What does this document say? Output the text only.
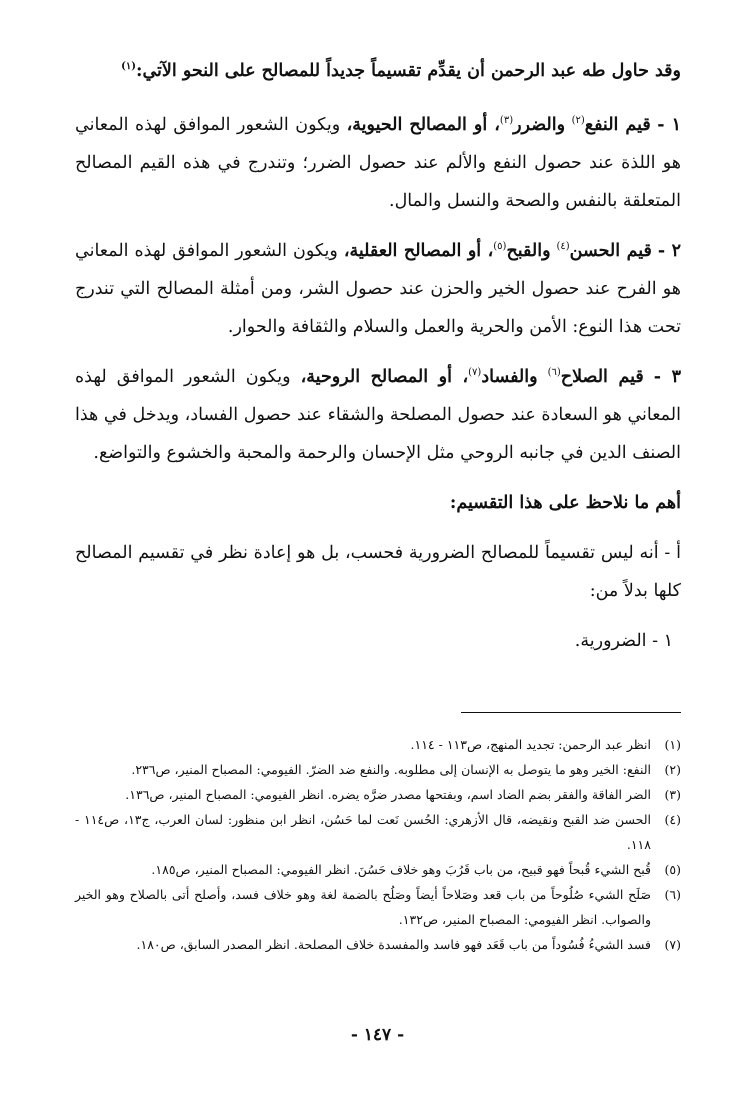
وقد حاول طه عبد الرحمن أن يقدِّم تقسيماً جديداً للمصالح على النحو الآتي:$^{(١)}$

١ - قيم النفع$^{(٢)}$ والضرر$^{(٣)}$، أو المصالح الحيوية، ويكون الشعور الموافق لهذه المعاني هو اللذة عند حصول النفع والألم عند حصول الضرر؛ وتندرج في هذه القيم المصالح المتعلقة بالنفس والصحة والنسل والمال.

٢ - قيم الحسن$^{(٤)}$ والقبح$^{(٥)}$، أو المصالح العقلية، ويكون الشعور الموافق لهذه المعاني هو الفرح عند حصول الخير والحزن عند حصول الشر، ومن أمثلة المصالح التي تندرج تحت هذا النوع: الأمن والحرية والعمل والسلام والثقافة والحوار.

٣ - قيم الصلاح$^{(٦)}$ والفساد$^{(٧)}$، أو المصالح الروحية، ويكون الشعور الموافق لهذه المعاني هو السعادة عند حصول المصلحة والشقاء عند حصول الفساد، ويدخل في هذا الصنف الدين في جانبه الروحي مثل الإحسان والرحمة والمحبة والخشوع والتواضع.

أهم ما نلاحظ على هذا التقسيم:

أ - أنه ليس تقسيماً للمصالح الضرورية فحسب، بل هو إعادة نظر في تقسيم المصالح كلها بدلاً من:

١ - الضرورية.

(١)
انظر عبد الرحمن: تجديد المنهج، ص١١٣ - ١١٤.
(٢)
النفع: الخير وهو ما يتوصل به الإنسان إلى مطلوبه. والنفع ضد الضرّ. الفيومي: المصباح المنير، ص٢٣٦.
(٣)
الضر الفاقة والفقر بضم الضاد اسم، وبفتحها مصدر ضرَّه يضره. انظر الفيومي: المصباح المنير، ص١٣٦.
(٤)
الحسن ضد القبح ونقيضه، قال الأزهري: الحُسن نَعت لما حَسُن، انظر ابن منظور: لسان العرب، ج١٣، ص١١٤ - ١١٨.
(٥)
قُبح الشيء قُبحاً فهو قبيح، من باب قَرُبَ وهو خلاف حَسُنَ. انظر الفيومي: المصباح المنير، ص١٨٥.
(٦)
صَلَح الشيء صُلُوحاً من باب قعد وصَلاحاً أيضاً وصَلُح بالضمة لغة وهو خلاف فسد، وأصلح أتى بالصلاح وهو الخير والصواب. انظر الفيومي: المصباح المنير، ص١٣٢.
(٧)
فسد الشيءُ فُسُوداً من باب قَعَد فهو فاسد والمفسدة خلاف المصلحة. انظر المصدر السابق، ص١٨٠.
- ١٤٧ -
